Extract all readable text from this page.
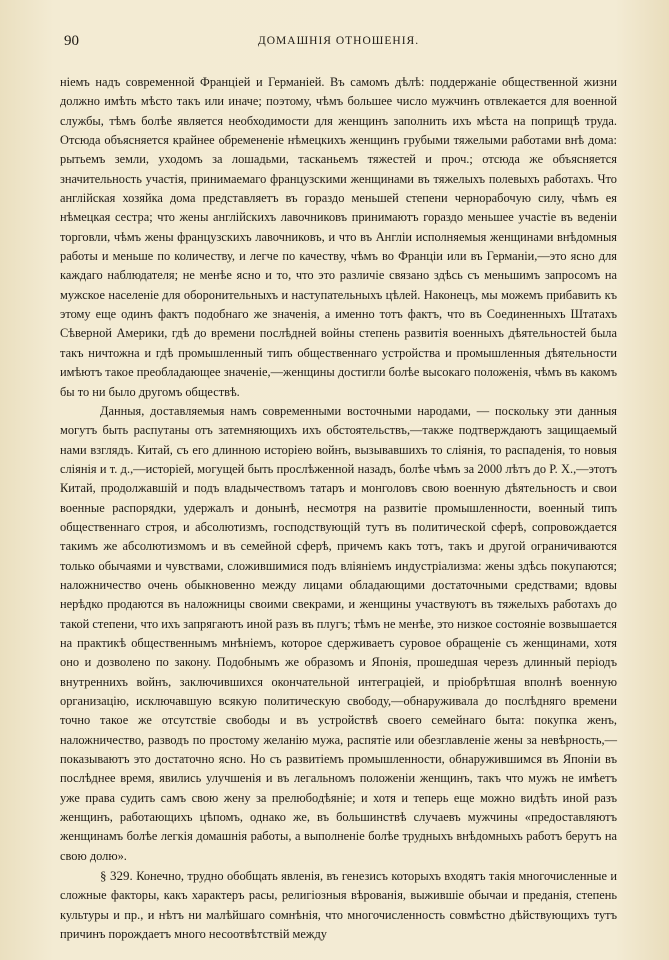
90	ДОМАШНІЯ ОТНОШЕНІЯ.

ніемъ надъ современной Франціей и Германіей. Въ самомъ дѣлѣ: поддержаніе общественной жизни должно имѣть мѣсто такъ или иначе; поэтому, чѣмъ большее число мужчинъ отвлекается для военной службы, тѣмъ болѣе является необходимости для женщинъ заполнить ихъ мѣста на поприщѣ труда. Отсюда объясняется крайнее обремененіе нѣмецкихъ женщинъ грубыми тяжелыми работами внѣ дома: рытьемъ земли, уходомъ за лошадьми, тасканьемъ тяжестей и проч.; отсюда же объясняется значительность участія, принимаемаго французскими женщинами въ тяжелыхъ полевыхъ работахъ. Что англійская хозяйка дома представляетъ въ гораздо меньшей степени чернорабочую силу, чѣмъ ея нѣмецкая сестра; что жены англійскихъ лавочниковъ принимаютъ гораздо меньшее участіе въ веденіи торговли, чѣмъ жены французскихъ лавочниковъ, и что въ Англіи исполняемыя женщинами внѣдомныя работы и меньше по количеству, и легче по качеству, чѣмъ во Франціи или въ Германіи,—это ясно для каждаго наблюдателя; не менѣе ясно и то, что это различіе связано здѣсь съ меньшимъ запросомъ на мужское населеніе для оборонительныхъ и наступательныхъ цѣлей. Наконецъ, мы можемъ прибавить къ этому еще одинъ фактъ подобнаго же значенія, а именно тотъ фактъ, что въ Соединенныхъ Штатахъ Сѣверной Америки, гдѣ до времени послѣдней войны степень развитія военныхъ дѣятельностей была такъ ничтожна и гдѣ промышленный типъ общественнаго устройства и промышленныя дѣятельности имѣютъ такое преобладающее значеніе,—женщины достигли болѣе высокаго положенія, чѣмъ въ какомъ бы то ни было другомъ обществѣ.

Данныя, доставляемыя намъ современными восточными народами, — поскольку эти данныя могутъ быть распутаны отъ затемняющихъ ихъ обстоятельствъ,—также подтверждаютъ защищаемый нами взглядъ. Китай, съ его длинною исторіею войнъ, вызывавшихъ то слiянія, то распаденія, то новыя сліянія и т. д.,—исторіей, могущей быть прослѣженной назадъ, болѣе чѣмъ за 2000 лѣтъ до Р. X.,—этотъ Китай, продолжавшій и подъ владычествомъ татаръ и монголовъ свою военную дѣятельность и свои военные распорядки, удержалъ и донынѣ, несмотря на развитіе промышленности, военный типъ общественнаго строя, и абсолютизмъ, господствующій тутъ въ политической сферѣ, сопровождается такимъ же абсолютизмомъ и въ семейной сферѣ, причемъ какъ тотъ, такъ и другой ограничиваются только обычаями и чувствами, сложившимися подъ вліяніемъ индустріализма: жены здѣсь покупаются; наложничество очень обыкновенно между лицами обладающими достаточными средствами; вдовы нерѣдко продаются въ наложницы своими свекрами, и женщины участвуютъ въ тяжелыхъ работахъ до такой степени, что ихъ запрягаютъ иной разъ въ плугъ; тѣмъ не менѣе, это низкое состояніе возвышается на практикѣ общественнымъ мнѣніемъ, которое сдерживаетъ суровое обращеніе съ женщинами, хотя оно и дозволено по закону. Подобнымъ же образомъ и Японія, прошедшая черезъ длинный періодъ внутреннихъ войнъ, заключившихся окончательной интеграціей, и пріобрѣтшая вполнѣ военную организацію, исключавшую всякую политическую свободу,—обнаруживала до послѣдняго времени точно такое же отсутствіе свободы и въ устройствѣ своего семейнаго быта: покупка женъ, наложничество, разводъ по простому желанію мужа, распятіе или обезглавленіе жены за невѣрность,—показываютъ это достаточно ясно. Но съ развитіемъ промышленности, обнаружившимся въ Японіи въ послѣднее время, явились улучшенія и въ легальномъ положеніи женщинъ, такъ что мужъ не имѣетъ уже права судить самъ свою жену за прелюбодѣяніе; и хотя и теперь еще можно видѣть иной разъ женщинъ, работающихъ цѣпомъ, однако же, въ большинствѣ случаевъ мужчины «предоставляютъ женщинамъ болѣе легкія домашнія работы, а выполненіе болѣе трудныхъ внѣдомныхъ работъ берутъ на свою долю».

§ 329. Конечно, трудно обобщать явленія, въ генезисъ которыхъ входятъ такія многочисленные и сложные факторы, какъ характеръ расы, религіозныя вѣрованія, выжившіе обычаи и преданія, степень культуры и пр., и нѣтъ ни малѣйшаго сомнѣнія, что многочисленность совмѣстно дѣйствующихъ тутъ причинъ порождаетъ много несоотвѣтствій между
